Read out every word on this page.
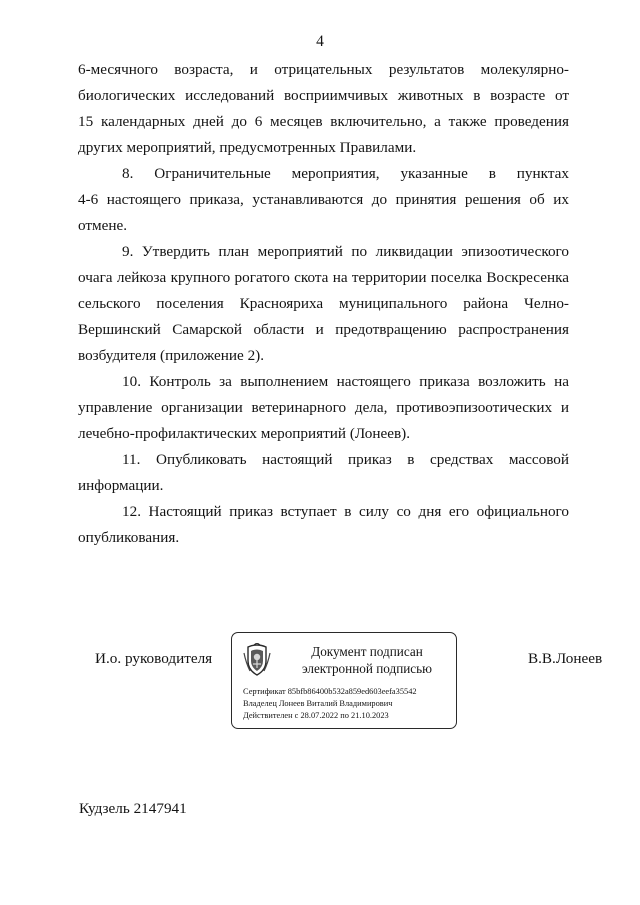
4
6-месячного возраста, и отрицательных результатов молекулярно-
биологических исследований восприимчивых животных в возрасте от
15 календарных дней до 6 месяцев включительно, а также проведения
других мероприятий, предусмотренных Правилами.
8. Ограничительные мероприятия, указанные в пунктах
4-6 настоящего приказа, устанавливаются до принятия решения об их
отмене.
9. Утвердить план мероприятий по ликвидации эпизоотического
очага лейкоза крупного рогатого скота на территории поселка Воскресенка
сельского поселения Краснояриха муниципального района Челно-
Вершинский Самарской области и предотвращению распространения
возбудителя (приложение 2).
10. Контроль за выполнением настоящего приказа возложить на
управление организации ветеринарного дела, противоэпизоотических и
лечебно-профилактических мероприятий (Лонеев).
11. Опубликовать настоящий приказ в средствах массовой
информации.
12. Настоящий приказ вступает в силу со дня его официального
опубликования.
И.о. руководителя	Документ подписан
электронной подписью
Сертификат 85bfb86400b532a859ed603eefa35542
Владелец Лонеев Виталий Владимирович
Действителен с 28.07.2022 по 21.10.2023
В.В.Лонеев
Кудзель 2147941
